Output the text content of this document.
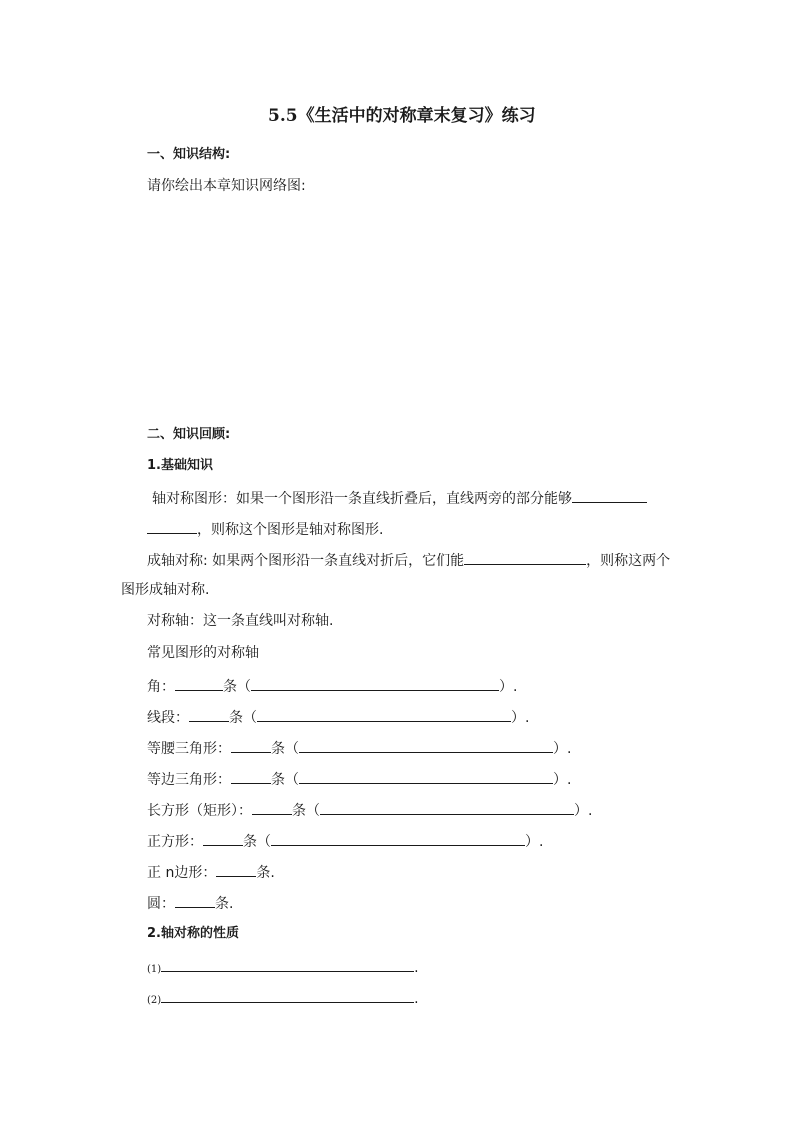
5.5《生活中的对称章末复习》练习
一、知识结构:
请你绘出本章知识网络图:
二、知识回顾:
1.基础知识
轴对称图形：如果一个图形沿一条直线折叠后，直线两旁的部分能够
，则称这个图形是轴对称图形.
成轴对称: 如果两个图形沿一条直线对折后，它们能	，则称这两个
图形成轴对称.
对称轴：这一条直线叫对称轴.
常见图形的对称轴
角：	条（	）.
线段：	条（	）.
等腰三角形：	条（	）.
等边三角形：	条（	）.
长方形（矩形）：	条（	）.
正方形：	条（	）.
正 n边形：	条.
圆：	条.
2.轴对称的性质
(1)	.
(2)	.
